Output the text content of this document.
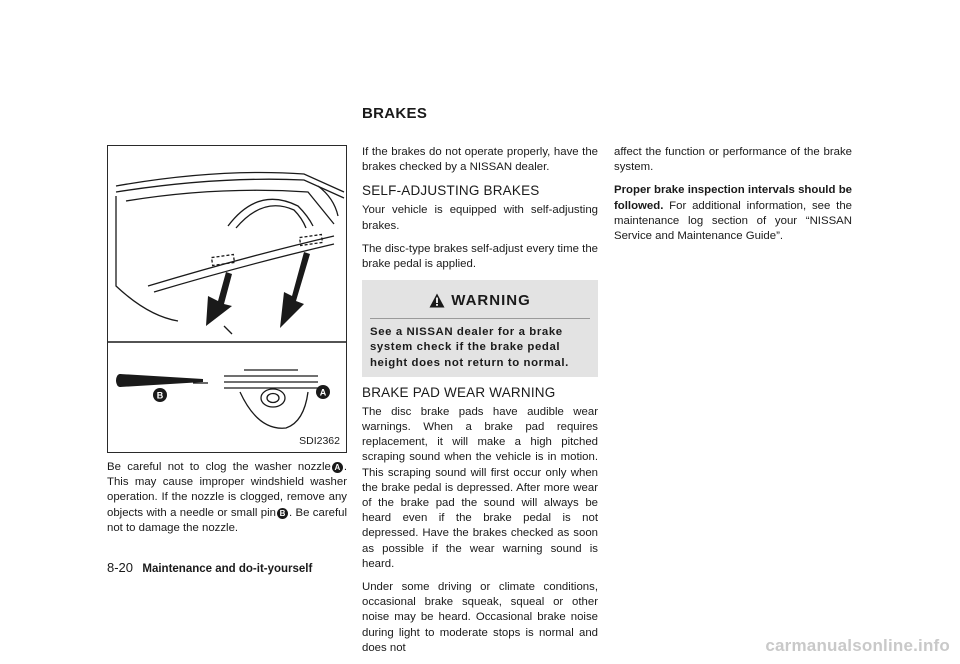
BRAKES
B	A
SDI2362

Be careful not to clog the washer nozzle A . This may cause improper windshield washer operation. If the nozzle is clogged, remove any objects with a needle or small pin B . Be careful not to damage the nozzle.

If the brakes do not operate properly, have the brakes checked by a NISSAN dealer.

SELF-ADJUSTING BRAKES

Your vehicle is equipped with self-adjusting brakes.

The disc-type brakes self-adjust every time the brake pedal is applied.

WARNING
See a NISSAN dealer for a brake system check if the brake pedal height does not return to normal.
BRAKE PAD WEAR WARNING

The disc brake pads have audible wear warnings. When a brake pad requires replacement, it will make a high pitched scraping sound when the vehicle is in motion. This scraping sound will first occur only when the brake pedal is depressed. After more wear of the brake pad the sound will always be heard even if the brake pedal is not depressed. Have the brakes checked as soon as possible if the wear warning sound is heard.

Under some driving or climate conditions, occasional brake squeak, squeal or other noise may be heard. Occasional brake noise during light to moderate stops is normal and does not

affect the function or performance of the brake system.

Proper brake inspection intervals should be followed. For additional information, see the maintenance log section of your “NISSAN Service and Maintenance Guide”.

8-20 Maintenance and do-it-yourself
carmanualsonline.info
